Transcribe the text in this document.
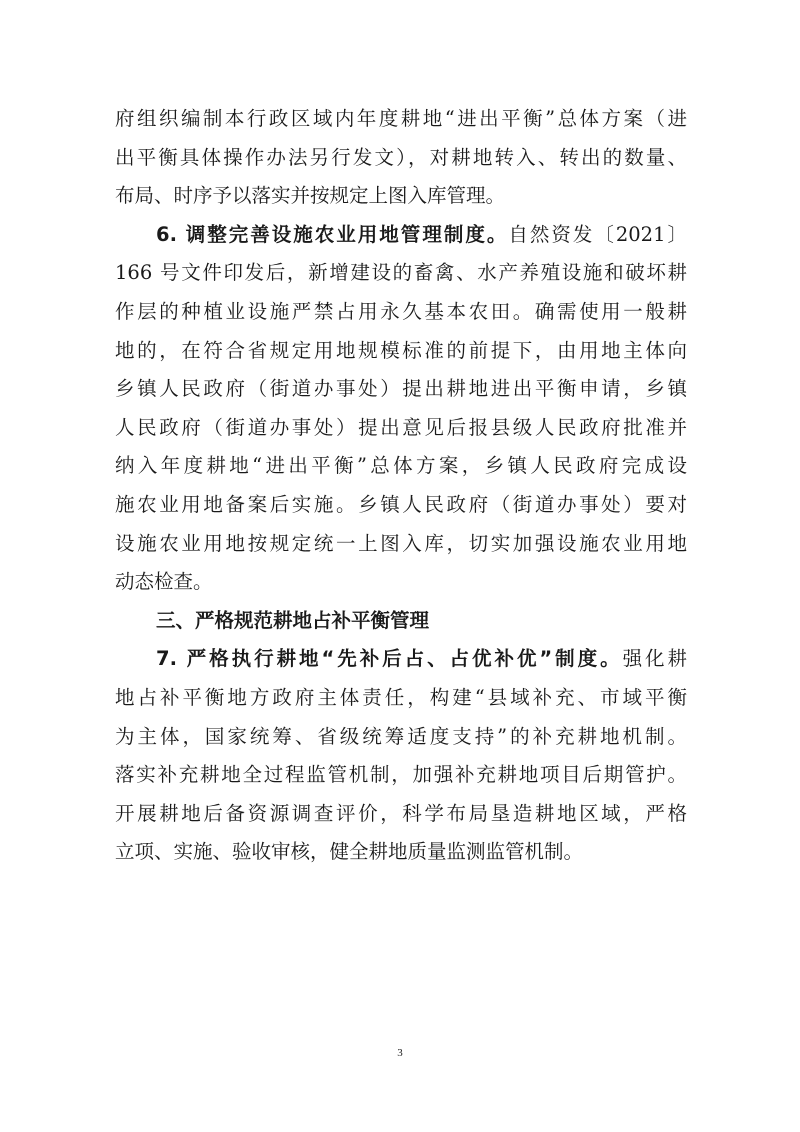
府组织编制本行政区域内年度耕地“进出平衡”总体方案（进
出平衡具体操作办法另行发文），对耕地转入、转出的数量、
布局、时序予以落实并按规定上图入库管理。
6. 调整完善设施农业用地管理制度。自然资发〔2021〕
166 号文件印发后，新增建设的畜禽、水产养殖设施和破坏耕
作层的种植业设施严禁占用永久基本农田。确需使用一般耕
地的，在符合省规定用地规模标准的前提下，由用地主体向
乡镇人民政府（街道办事处）提出耕地进出平衡申请，乡镇
人民政府（街道办事处）提出意见后报县级人民政府批准并
纳入年度耕地“进出平衡”总体方案，乡镇人民政府完成设
施农业用地备案后实施。乡镇人民政府（街道办事处）要对
设施农业用地按规定统一上图入库，切实加强设施农业用地
动态检查。
三、严格规范耕地占补平衡管理
7. 严格执行耕地“先补后占、占优补优”制度。强化耕
地占补平衡地方政府主体责任，构建“县域补充、市域平衡
为主体，国家统筹、省级统筹适度支持”的补充耕地机制。
落实补充耕地全过程监管机制，加强补充耕地项目后期管护。
开展耕地后备资源调查评价，科学布局垦造耕地区域，严格
立项、实施、验收审核，健全耕地质量监测监管机制。
3
